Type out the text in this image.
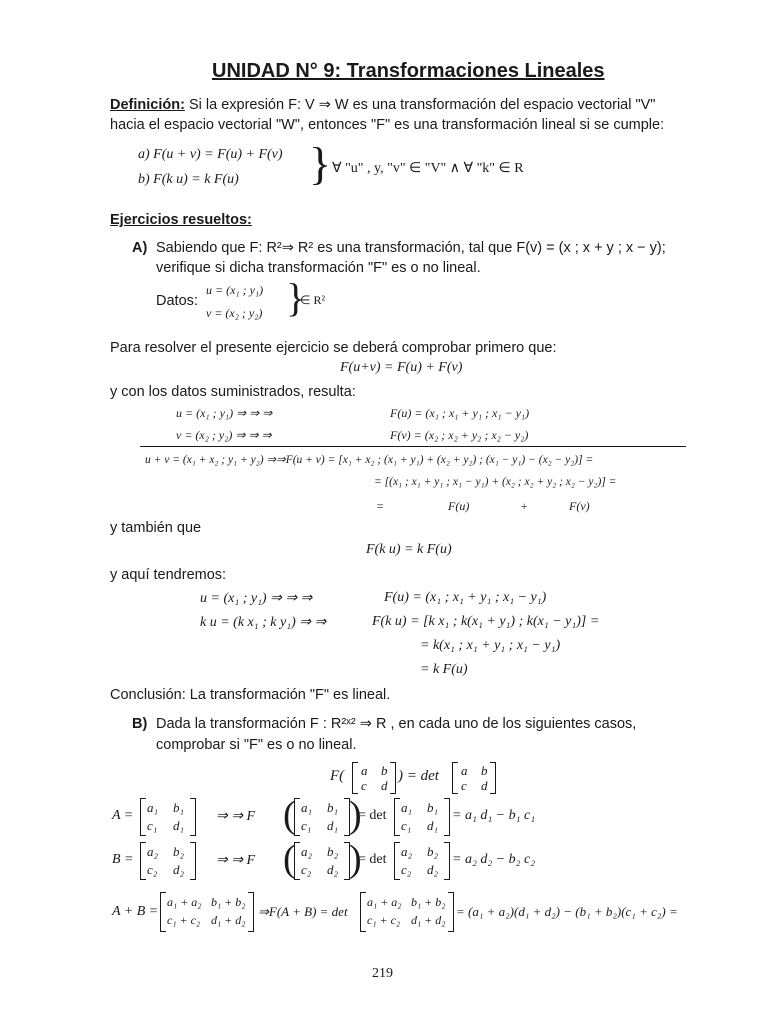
UNIDAD N° 9: Transformaciones Lineales
Definición: Si la expresión F: V ⇒ W es una transformación del espacio vectorial "V"
hacia el espacio vectorial "W", entonces "F" es una transformación lineal si se cumple:
a) F(u + v) = F(u) + F(v)
b) F(k u) = k F(u) } ∀ "u" , y, "v" ∈ "V" ∧ ∀ "k" ∈ R
Ejercicios resueltos:
A) Sabiendo que F: R²⇒ R² es una transformación, tal que F(v) = (x ; x + y ; x − y);
verifique si dicha transformación "F" es o no lineal.
Datos:
u = (x₁ ; y₁)
v = (x₂ ; y₂) }
∈ R²
Para resolver el presente ejercicio se deberá comprobar primero que:
F(u+v) = F(u) + F(v)
y con los datos suministrados, resulta:
u = (x₁ ; y₁) ⇒ ⇒ ⇒	F(u) = (x₁ ; x₁ + y₁ ; x₁ − y₁)
v = (x₂ ; y₂) ⇒ ⇒ ⇒	F(v) = (x₂ ; x₂ + y₂ ; x₂ − y₂)
u + v = (x₁ + x₂ ; y₁ + y₂) ⇒⇒F(u + v) = [x₁ + x₂ ; (x₁ + y₁) + (x₂ + y₂) ; (x₁ − y₁) − (x₂ − y₂)] =
= [(x₁ ; x₁ + y₁ ; x₁ − y₁) + (x₂ ; x₂ + y₂ ; x₂ − y₂)] =
=	F(u)	+	F(v)
y también que
F(k u) = k F(u)
y aquí tendremos:
u = (x₁ ; y₁) ⇒ ⇒ ⇒	F(u) = (x₁ ; x₁ + y₁ ; x₁ − y₁)
k u = (k x₁ ; k y₁) ⇒ ⇒	F(k u) = [k x₁ ; k(x₁ + y₁) ; k(x₁ − y₁)] =
= k(x₁ ; x₁ + y₁ ; x₁ − y₁)
= k F(u)
Conclusión: La transformación "F" es lineal.
B) Dada la transformación F : R²ˣ² ⇒ R , en cada uno de los siguientes casos,
comprobar si "F" es o no lineal.
F( a b
c d
) = det a b
c d
A =
a₁ b₁
c₁ d₁
⇒ ⇒ F ( a₁ b₁
c₁ d₁ )
= det
a₁ b₁
c₁ d₁
= a₁ d₁ − b₁ c₁
B =
a₂ b₂
c₂ d₂
⇒ ⇒ F ( a₂ b₂
c₂ d₂ )
= det
a₂ b₂
c₂ d₂
= a₂ d₂ − b₂ c₂
A + B =
a₁ + a₂ b₁ + b₂
c₁ + c₂ d₁ + d₂
⇒F(A + B) = det
a₁ + a₂ b₁ + b₂
c₁ + c₂ d₁ + d₂
= (a₁ + a₂)(d₁ + d₂) − (b₁ + b₂)(c₁ + c₂) =
219
